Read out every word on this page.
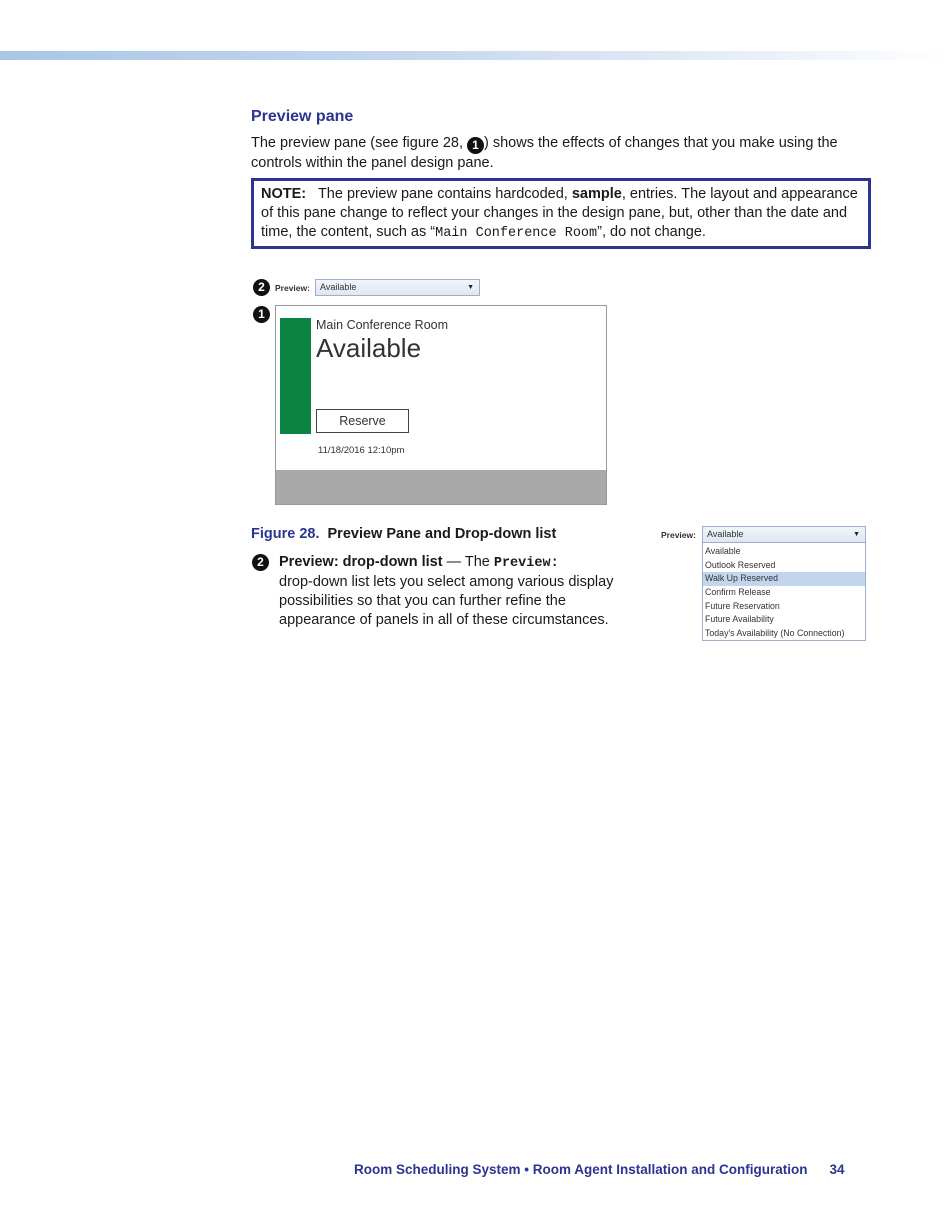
Preview pane
The preview pane (see figure 28, 1 ) shows the effects of changes that you make using the controls within the panel design pane.
NOTE: The preview pane contains hardcoded, sample, entries. The layout and appearance of this pane change to reflect your changes in the design pane, but, other than the date and time, the content, such as “Main Conference Room”, do not change.
2	Preview:	Available	▼
1
Main Conference Room
Available
Reserve
11/18/2016 12:10pm
Figure 28. Preview Pane and Drop-down list
2	Preview: drop-down list — The Preview:
drop-down list lets you select among various display possibilities so that you can further refine the appearance of panels in all of these circumstances.
Preview:	Available	▼
Available
Outlook Reserved
Walk Up Reserved
Confirm Release
Future Reservation
Future Availability
Today's Availability (No Connection)
Room Scheduling System • Room Agent Installation and Configuration 34
